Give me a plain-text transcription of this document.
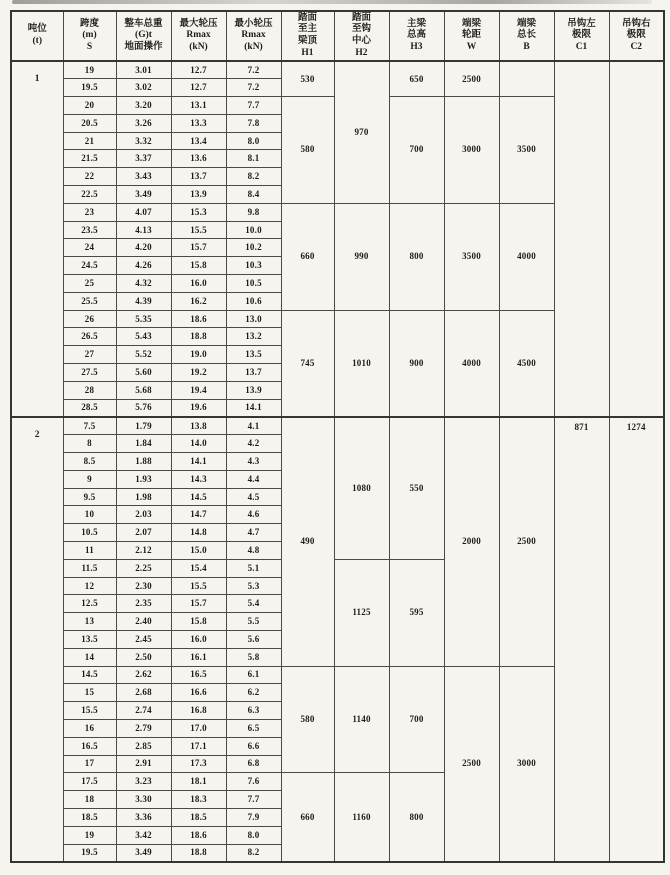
吨位
(t)	跨度
(m)
S	整车总重
(G)t
地面操作	最大轮压
Rmax
(kN)	最小轮压
Rmax
(kN)	踏面
至主
梁顶
H1	踏面
至钩
中心
H2	主梁
总高
H3	端梁
轮距
W	端梁
总长
B	吊钩左
极限
C1	吊钩右
极限
C2
1	19	3.01	12.7	7.2	530	970	650	2500			
	19.5	3.02	12.7	7.2							
	20	3.20	13.1	7.7	580		700	3000	3500		
	20.5	3.26	13.3	7.8							
	21	3.32	13.4	8.0							
	21.5	3.37	13.6	8.1							
	22	3.43	13.7	8.2							
	22.5	3.49	13.9	8.4							
	23	4.07	15.3	9.8	660	990	800	3500	4000		
	23.5	4.13	15.5	10.0							
	24	4.20	15.7	10.2							
	24.5	4.26	15.8	10.3							
	25	4.32	16.0	10.5							
	25.5	4.39	16.2	10.6							
	26	5.35	18.6	13.0	745	1010	900	4000	4500		
	26.5	5.43	18.8	13.2							
	27	5.52	19.0	13.5							
	27.5	5.60	19.2	13.7							
	28	5.68	19.4	13.9							
	28.5	5.76	19.6	14.1							
2	7.5	1.79	13.8	4.1	490	1080	550	2000	2500	871	1274
	8	1.84	14.0	4.2							
	8.5	1.88	14.1	4.3							
	9	1.93	14.3	4.4							
	9.5	1.98	14.5	4.5							
	10	2.03	14.7	4.6							
	10.5	2.07	14.8	4.7							
	11	2.12	15.0	4.8							
	11.5	2.25	15.4	5.1		1125	595				
	12	2.30	15.5	5.3							
	12.5	2.35	15.7	5.4							
	13	2.40	15.8	5.5							
	13.5	2.45	16.0	5.6							
	14	2.50	16.1	5.8							
	14.5	2.62	16.5	6.1	580	1140	700	2500	3000		
	15	2.68	16.6	6.2							
	15.5	2.74	16.8	6.3							
	16	2.79	17.0	6.5							
	16.5	2.85	17.1	6.6							
	17	2.91	17.3	6.8							
	17.5	3.23	18.1	7.6	660	1160	800				
	18	3.30	18.3	7.7							
	18.5	3.36	18.5	7.9							
	19	3.42	18.6	8.0							
	19.5	3.49	18.8	8.2							
